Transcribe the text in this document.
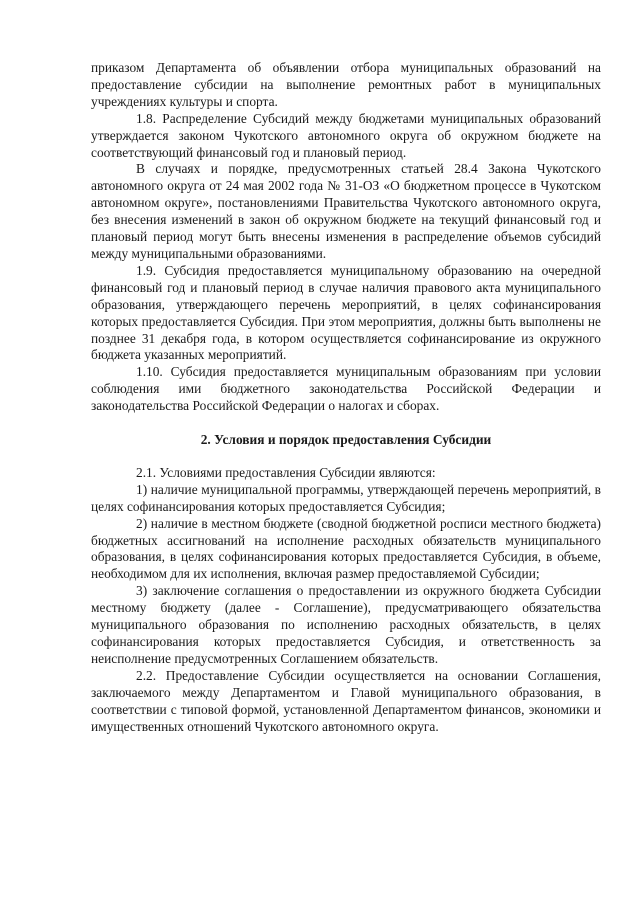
приказом Департамента об объявлении отбора муниципальных образований на предоставление субсидии на выполнение ремонтных работ в муниципальных учреждениях культуры и спорта.

1.8. Распределение Субсидий между бюджетами муниципальных образований утверждается законом Чукотского автономного округа об окружном бюджете на соответствующий финансовый год и плановый период.

В случаях и порядке, предусмотренных статьей 28.4 Закона Чукотского автономного округа от 24 мая 2002 года № 31-ОЗ «О бюджетном процессе в Чукотском автономном округе», постановлениями Правительства Чукотского автономного округа, без внесения изменений в закон об окружном бюджете на текущий финансовый год и плановый период могут быть внесены изменения в распределение объемов субсидий между муниципальными образованиями.

1.9. Субсидия предоставляется муниципальному образованию на очередной финансовый год и плановый период в случае наличия правового акта муниципального образования, утверждающего перечень мероприятий, в целях софинансирования которых предоставляется Субсидия. При этом мероприятия, должны быть выполнены не позднее 31 декабря года, в котором осуществляется софинансирование из окружного бюджета указанных мероприятий.

1.10. Субсидия предоставляется муниципальным образованиям при условии соблюдения ими бюджетного законодательства Российской Федерации и законодательства Российской Федерации о налогах и сборах.

2. Условия и порядок предоставления Субсидии

2.1. Условиями предоставления Субсидии являются:

1) наличие муниципальной программы, утверждающей перечень мероприятий, в целях софинансирования которых предоставляется Субсидия;

2) наличие в местном бюджете (сводной бюджетной росписи местного бюджета) бюджетных ассигнований на исполнение расходных обязательств муниципального образования, в целях софинансирования которых предоставляется Субсидия, в объеме, необходимом для их исполнения, включая размер предоставляемой Субсидии;

3) заключение соглашения о предоставлении из окружного бюджета Субсидии местному бюджету (далее - Соглашение), предусматривающего обязательства муниципального образования по исполнению расходных обязательств, в целях софинансирования которых предоставляется Субсидия, и ответственность за неисполнение предусмотренных Соглашением обязательств.

2.2. Предоставление Субсидии осуществляется на основании Соглашения, заключаемого между Департаментом и Главой муниципального образования, в соответствии с типовой формой, установленной Департаментом финансов, экономики и имущественных отношений Чукотского автономного округа.
